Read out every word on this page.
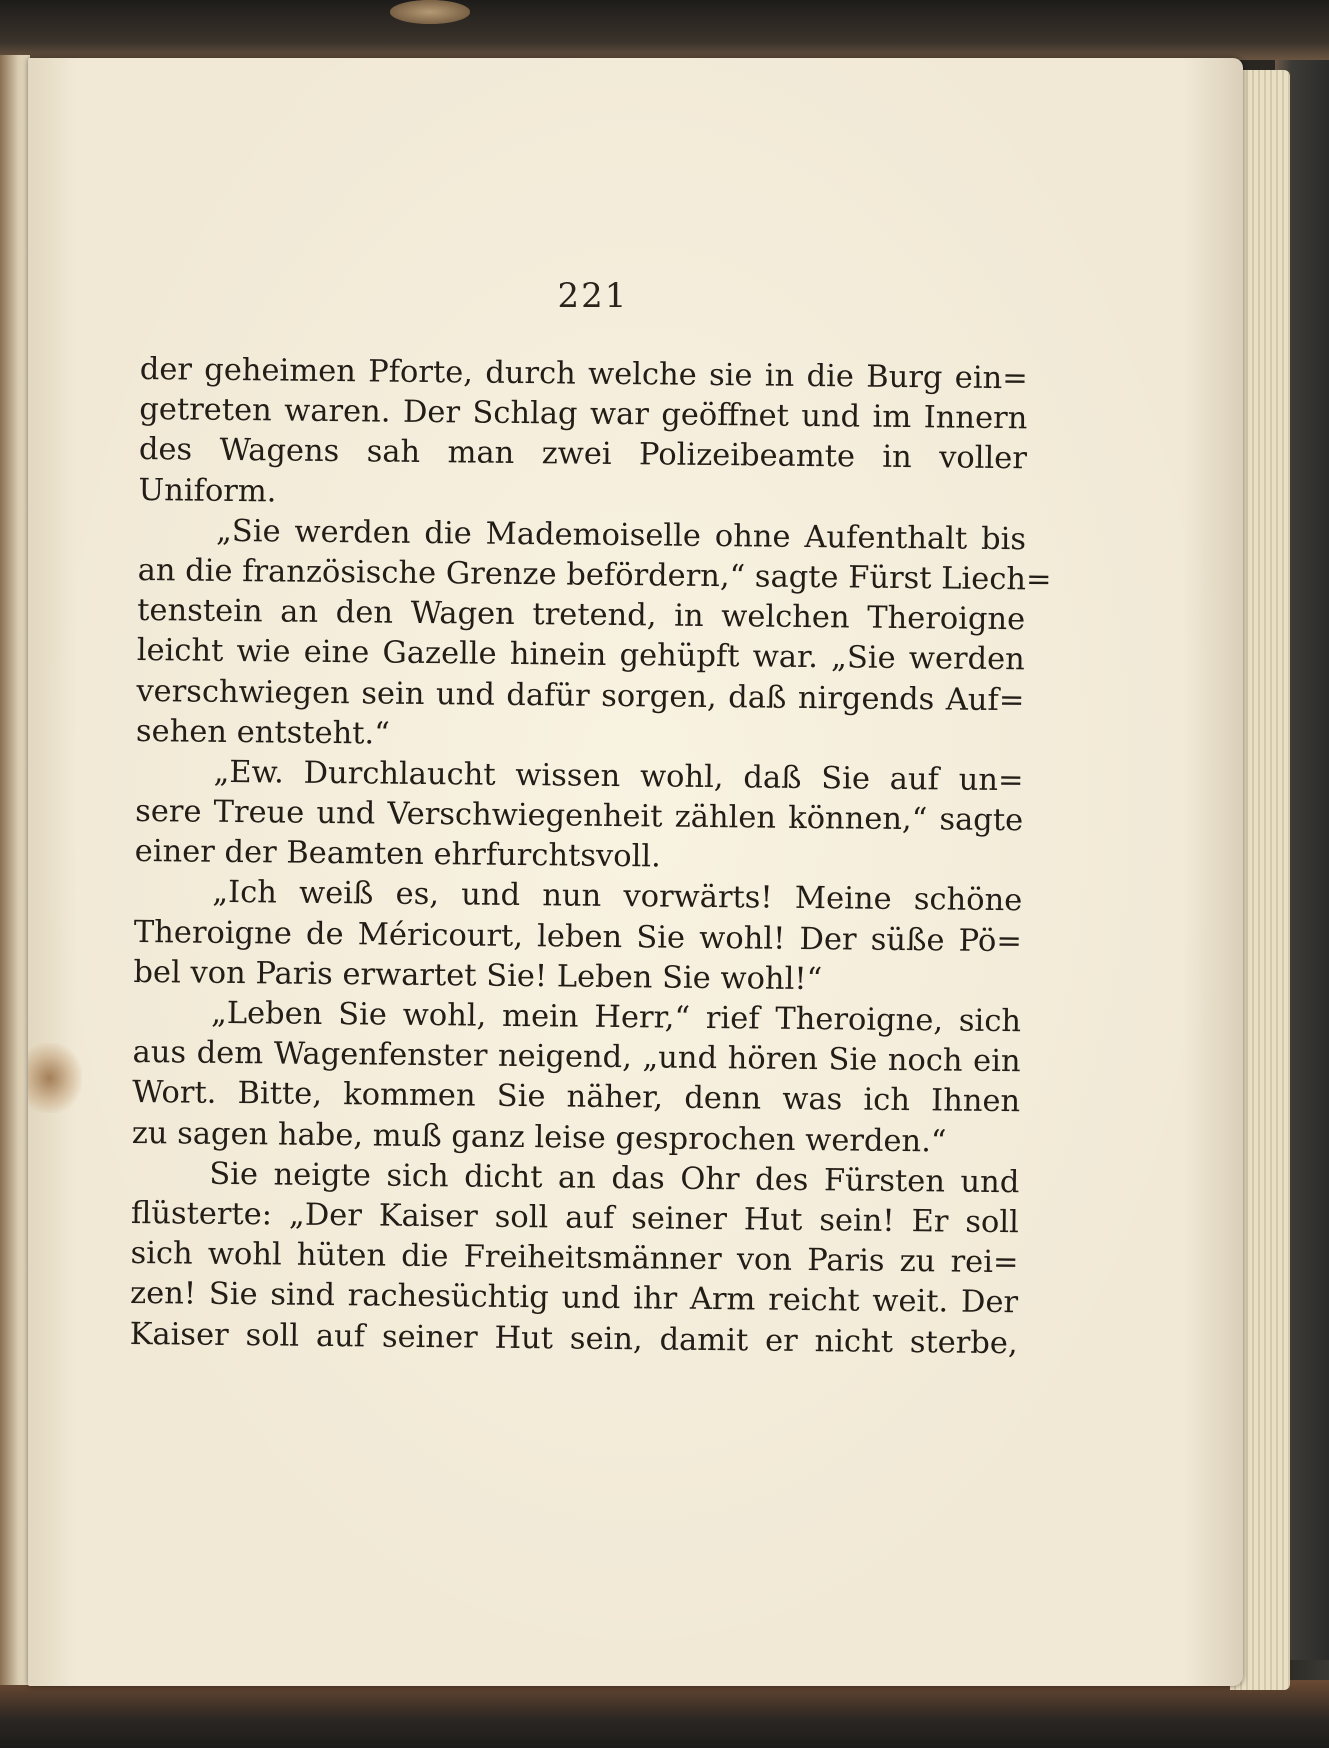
221
der geheimen Pforte, durch welche sie in die Burg ein=
getreten waren. Der Schlag war geöffnet und im Innern
des Wagens sah man zwei Polizeibeamte in voller
Uniform.
„Sie werden die Mademoiselle ohne Aufenthalt bis
an die französische Grenze befördern,“ sagte Fürst Liech=
tenstein an den Wagen tretend, in welchen Theroigne
leicht wie eine Gazelle hinein gehüpft war. „Sie werden
verschwiegen sein und dafür sorgen, daß nirgends Auf=
sehen entsteht.“
„Ew. Durchlaucht wissen wohl, daß Sie auf un=
sere Treue und Verschwiegenheit zählen können,“ sagte
einer der Beamten ehrfurchtsvoll.
„Ich weiß es, und nun vorwärts! Meine schöne
Theroigne de Méricourt, leben Sie wohl! Der süße Pö=
bel von Paris erwartet Sie! Leben Sie wohl!“
„Leben Sie wohl, mein Herr,“ rief Theroigne, sich
aus dem Wagenfenster neigend, „und hören Sie noch ein
Wort. Bitte, kommen Sie näher, denn was ich Ihnen
zu sagen habe, muß ganz leise gesprochen werden.“
Sie neigte sich dicht an das Ohr des Fürsten und
flüsterte: „Der Kaiser soll auf seiner Hut sein! Er soll
sich wohl hüten die Freiheitsmänner von Paris zu rei=
zen! Sie sind rachesüchtig und ihr Arm reicht weit. Der
Kaiser soll auf seiner Hut sein, damit er nicht sterbe,
